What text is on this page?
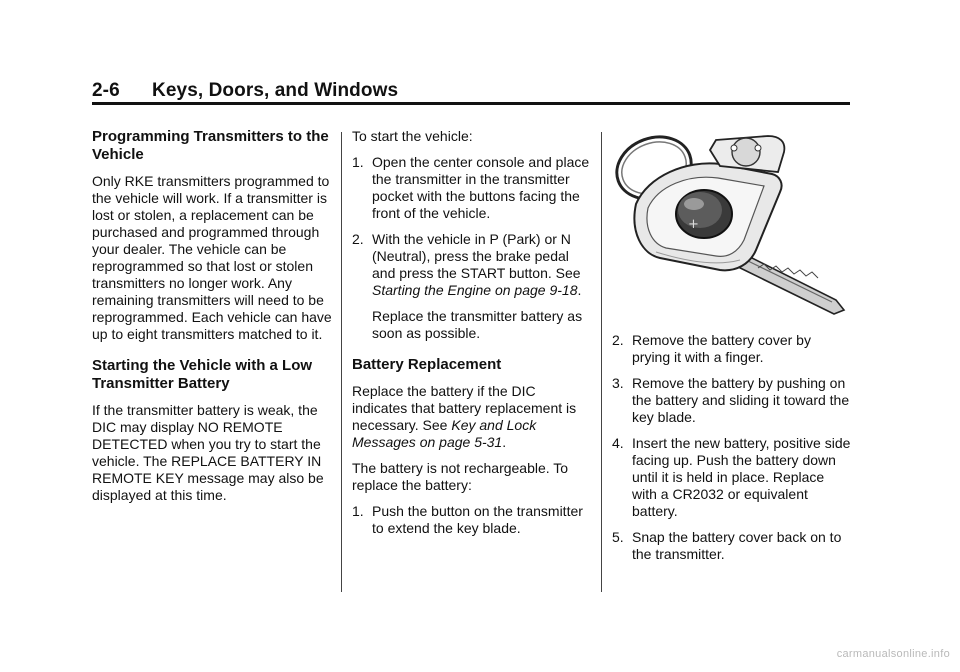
2-6      Keys, Doors, and Windows
Programming Transmitters to the Vehicle

Only RKE transmitters programmed to the vehicle will work. If a transmitter is lost or stolen, a replacement can be purchased and programmed through your dealer. The vehicle can be reprogrammed so that lost or stolen transmitters no longer work. Any remaining transmitters will need to be reprogrammed. Each vehicle can have up to eight transmitters matched to it.

Starting the Vehicle with a Low Transmitter Battery

If the transmitter battery is weak, the DIC may display NO REMOTE DETECTED when you try to start the vehicle. The REPLACE BATTERY IN REMOTE KEY message may also be displayed at this time.

To start the vehicle:

1. Open the center console and place the transmitter in the transmitter pocket with the buttons facing the front of the vehicle.
2. With the vehicle in P (Park) or N (Neutral), press the brake pedal and press the START button. See Starting the Engine on page 9-18.
Replace the transmitter battery as soon as possible.
Battery Replacement

Replace the battery if the DIC indicates that battery replacement is necessary. See Key and Lock Messages on page 5-31.

The battery is not rechargeable. To replace the battery:

1. Push the button on the transmitter to extend the key blade.
+
2. Remove the battery cover by prying it with a finger.
3. Remove the battery by pushing on the battery and sliding it toward the key blade.
4. Insert the new battery, positive side facing up. Push the battery down until it is held in place. Replace with a CR2032 or equivalent battery.
5. Snap the battery cover back on to the transmitter.
carmanualsonline.info
